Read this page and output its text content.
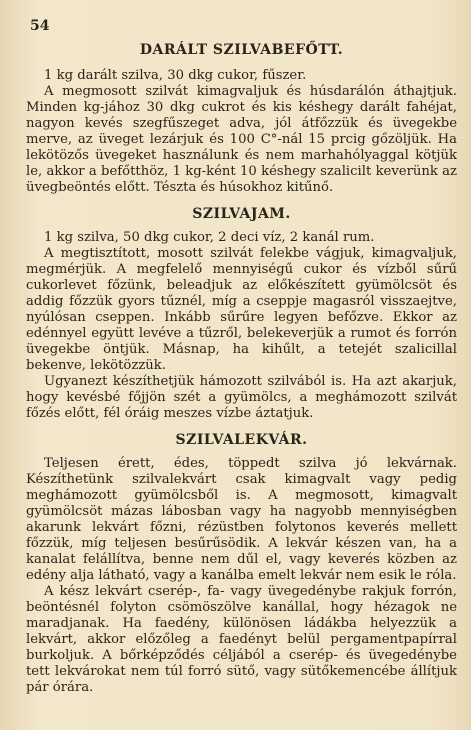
54
DARÁLT SZILVABEFŐTT.

1 kg darált szilva, 30 dkg cukor, fűszer.

A megmosott szilvát kimagvaljuk és húsdarálón áthajtjuk. Minden kg-jához 30 dkg cukrot és kis késhegy darált fahéjat, nagyon kevés szegfűszeget adva, jól átfőzzük és üvegekbe merve, az üveget lezárjuk és 100 C°-nál 15 prcig gőzöljük. Ha lekötözős üvegeket használunk és nem marhahólyaggal kötjük le, akkor a befőtthöz, 1 kg-ként 10 késhegy szalicilt keverünk az üvegbeöntés előtt. Tészta és húsokhoz kitűnő.

SZILVAJAM.

1 kg szilva, 50 dkg cukor, 2 deci víz, 2 kanál rum.

A megtisztított, mosott szilvát felekbe vágjuk, kimagvaljuk, megmérjük. A megfelelő mennyiségű cukor és vízből sűrű cukorlevet főzünk, beleadjuk az előkészített gyümölcsöt és addig főzzük gyors tűznél, míg a cseppje magasról visszaejtve, nyúlósan cseppen. Inkább sűrűre legyen befőzve. Ekkor az edénnyel együtt levéve a tűzről, belekeverjük a rumot és forrón üvegekbe öntjük. Másnap, ha kihűlt, a tetejét szalicillal bekenve, lekötözzük.

Ugyanezt készíthetjük hámozott szilvából is. Ha azt akarjuk, hogy kevésbé főjjön szét a gyümölcs, a meghámozott szilvát főzés előtt, fél óráig meszes vízbe áztatjuk.

SZILVALEKVÁR.

Teljesen érett, édes, töppedt szilva jó lekvárnak. Készíthetünk szilvalekvárt csak kimagvalt vagy pedig meghámozott gyümölcsből is. A megmosott, kimagvalt gyümölcsöt mázas lábosban vagy ha nagyobb mennyiségben akarunk lekvárt főzni, rézüstben folytonos keverés mellett főzzük, míg teljesen besűrűsödik. A lekvár készen van, ha a kanalat felállítva, benne nem dűl el, vagy keverés közben az edény alja látható, vagy a kanálba emelt lekvár nem esik le róla.

A kész lekvárt cserép-, fa- vagy üvegedénybe rakjuk forrón, beöntésnél folyton csömöszölve kanállal, hogy hézagok ne maradjanak. Ha faedény, különösen ládákba helyezzük a lekvárt, akkor előzőleg a faedényt belül pergamentpapírral burkoljuk. A bőrképződés céljából a cserép- és üvegedénybe tett lekvárokat nem túl forró sütő, vagy sütőkemencébe állítjuk pár órára.
